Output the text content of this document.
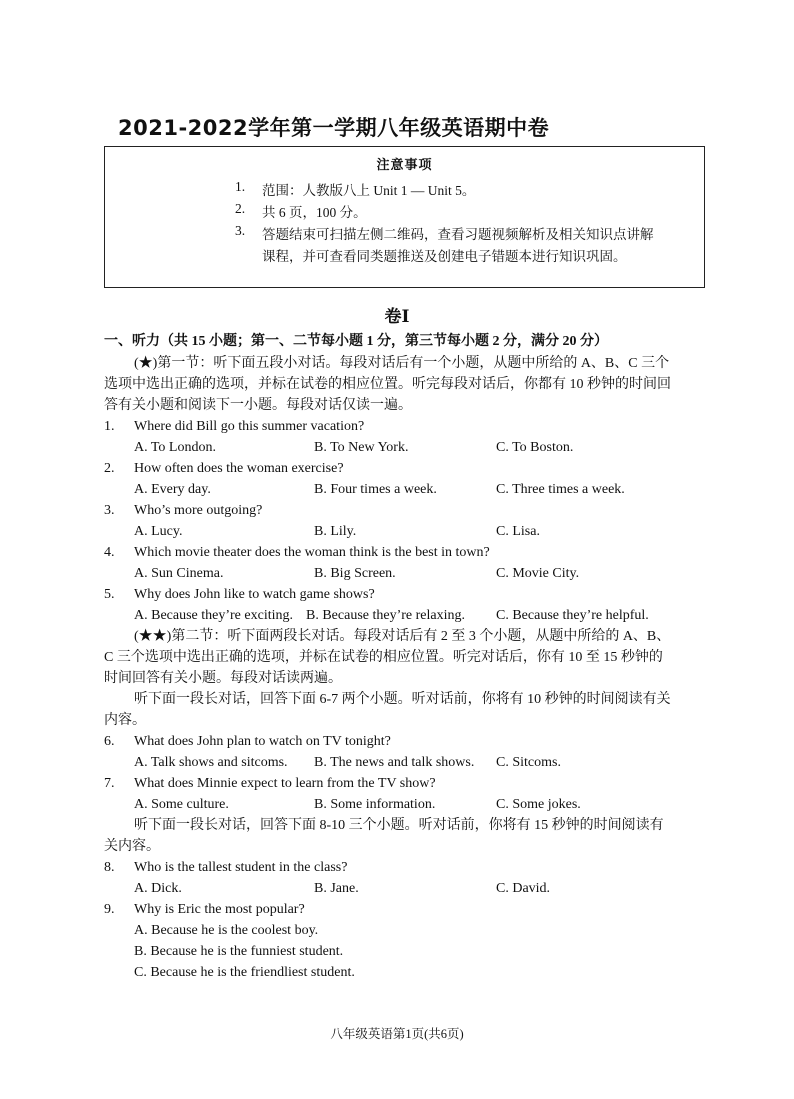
2021-2022学年第一学期八年级英语期中卷
注意事项
1. 范围：人教版八上 Unit 1 — Unit 5。
2. 共 6 页，100 分。
3. 答题结束可扫描左侧二维码，查看习题视频解析及相关知识点讲解
课程，并可查看同类题推送及创建电子错题本进行知识巩固。
卷Ⅰ
一、听力（共 15 小题；第一、二节每小题 1 分，第三节每小题 2 分，满分 20 分）
(★)第一节：听下面五段小对话。每段对话后有一个小题，从题中所给的 A、B、C 三个
选项中选出正确的选项，并标在试卷的相应位置。听完每段对话后，你都有 10 秒钟的时间回
答有关小题和阅读下一小题。每段对话仅读一遍。
1. Where did Bill go this summer vacation?
A. To London.	B. To New York.	C. To Boston.
2. How often does the woman exercise?
A. Every day.	B. Four times a week.	C. Three times a week.
3. Who’s more outgoing?
A. Lucy.	B. Lily.	C. Lisa.
4. Which movie theater does the woman think is the best in town?
A. Sun Cinema.	B. Big Screen.	C. Movie City.
5. Why does John like to watch game shows?
A. Because they’re exciting. B. Because they’re relaxing. C. Because they’re helpful.
(★★)第二节：听下面两段长对话。每段对话后有 2 至 3 个小题，从题中所给的 A、B、
C 三个选项中选出正确的选项，并标在试卷的相应位置。听完对话后，你有 10 至 15 秒钟的
时间回答有关小题。每段对话读两遍。
听下面一段长对话，回答下面 6-7 两个小题。听对话前，你将有 10 秒钟的时间阅读有关
内容。
6. What does John plan to watch on TV tonight?
A. Talk shows and sitcoms. B. The news and talk shows. C. Sitcoms.
7. What does Minnie expect to learn from the TV show?
A. Some culture.	B. Some information.	C. Some jokes.
听下面一段长对话，回答下面 8-10 三个小题。听对话前，你将有 15 秒钟的时间阅读有
关内容。
8. Who is the tallest student in the class?
A. Dick.	B. Jane.	C. David.
9. Why is Eric the most popular?
A. Because he is the coolest boy.
B. Because he is the funniest student.
C. Because he is the friendliest student.
八年级英语第1页(共6页)
